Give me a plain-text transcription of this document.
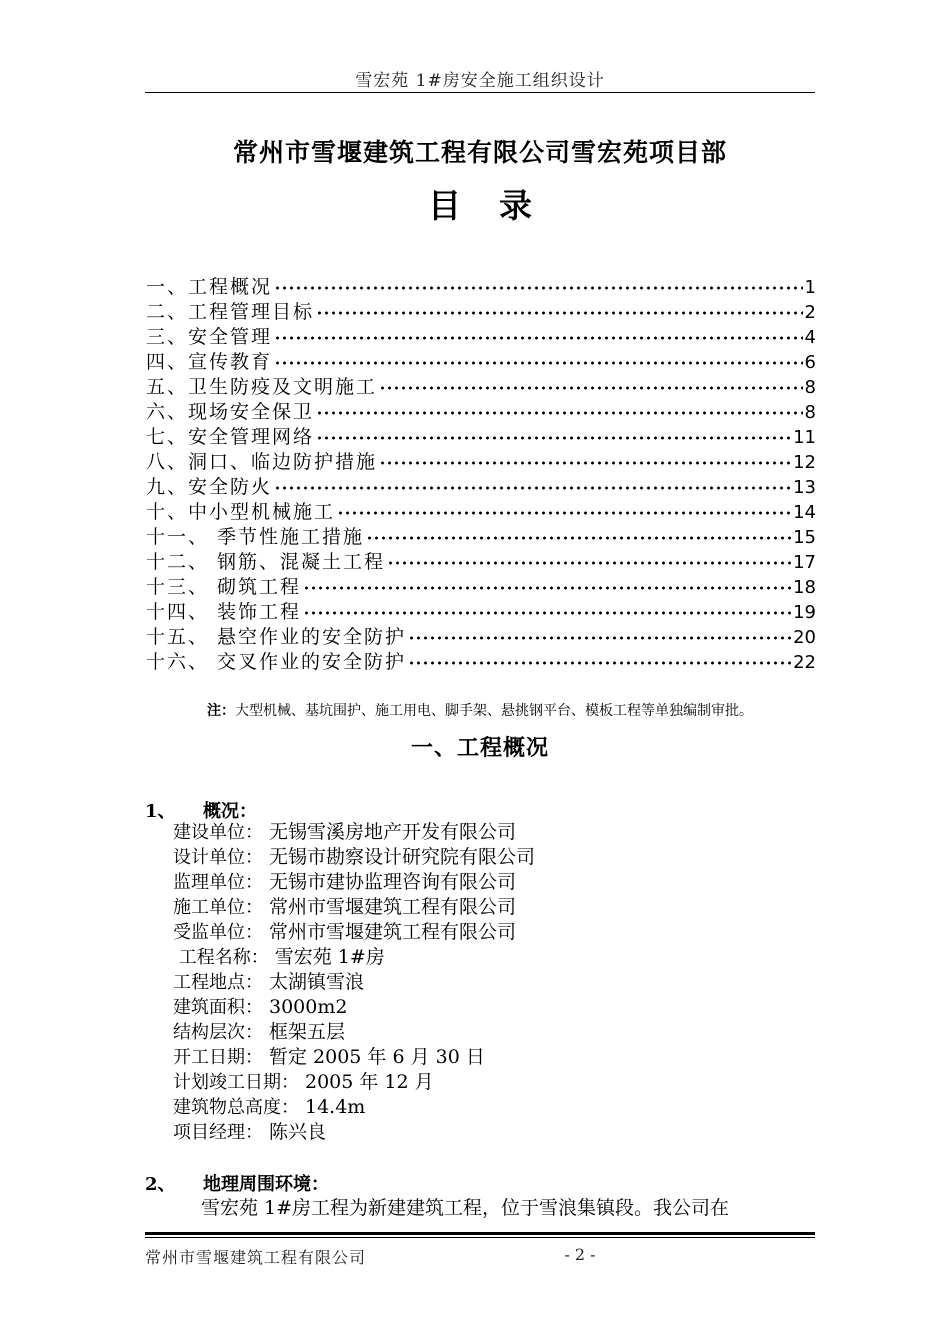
雪宏苑 1#房安全施工组织设计
常州市雪堰建筑工程有限公司雪宏苑项目部
目录
一、工程概况	1
二、工程管理目标	2
三、安全管理	4
四、宣传教育	6
五、卫生防疫及文明施工	8
六、现场安全保卫	8
七、安全管理网络	11
八、洞口、临边防护措施	12
九、安全防火	13
十、中小型机械施工	14
十一、 季节性施工措施	15
十二、 钢筋、混凝土工程	17
十三、 砌筑工程	18
十四、 装饰工程	19
十五、 悬空作业的安全防护	20
十六、 交叉作业的安全防护	22
注：大型机械、基坑围护、施工用电、脚手架、悬挑钢平台、模板工程等单独编制审批。
一、工程概况
1、 概况：
建设单位： 无锡雪溪房地产开发有限公司
设计单位： 无锡市勘察设计研究院有限公司
监理单位： 无锡市建协监理咨询有限公司
施工单位： 常州市雪堰建筑工程有限公司
受监单位： 常州市雪堰建筑工程有限公司
工程名称： 雪宏苑 1#房
工程地点： 太湖镇雪浪
建筑面积： 3000m2
结构层次： 框架五层
开工日期： 暂定 2005 年 6 月 30 日
计划竣工日期： 2005 年 12 月
建筑物总高度： 14.4m
项目经理： 陈兴良
2、 地理周围环境：
雪宏苑 1#房工程为新建建筑工程，位于雪浪集镇段。我公司在
常州市雪堰建筑工程有限公司	- 2 -
